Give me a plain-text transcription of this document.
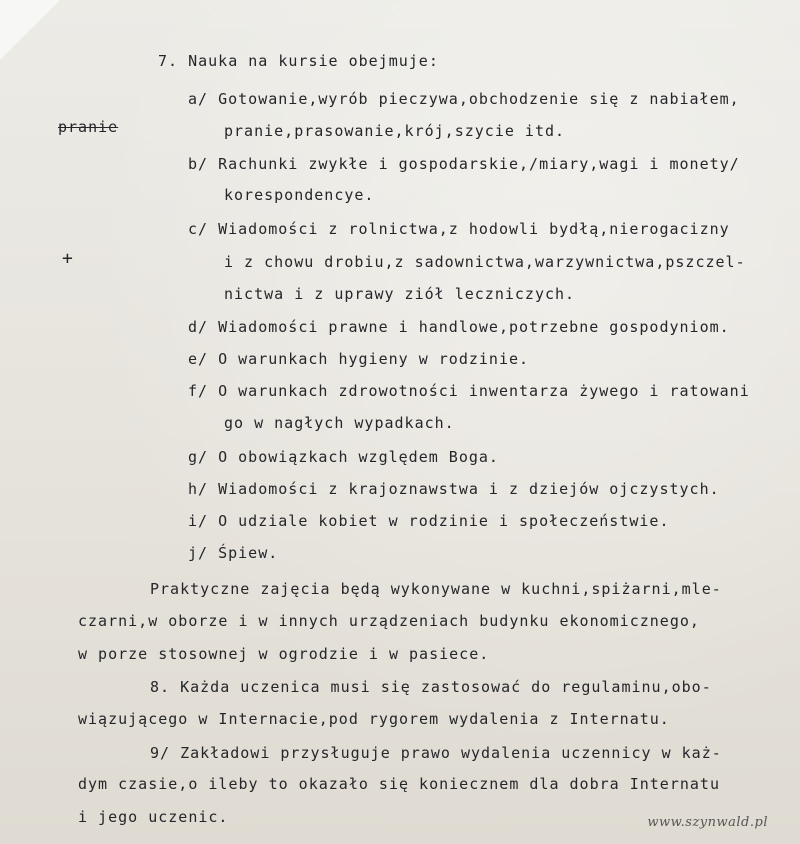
pranie
+
7. Nauka na kursie obejmuje:
a/ Gotowanie,wyrób pieczywa,obchodzenie się z nabiałem,
pranie,prasowanie,krój,szycie itd.
b/ Rachunki zwykłe i gospodarskie,/miary,wagi i monety/
korespondencye.
c/ Wiadomości z rolnictwa,z hodowli bydłą,nierogacizny
i z chowu drobiu,z sadownictwa,warzywnictwa,pszczel-
nictwa i z uprawy ziół leczniczych.
d/ Wiadomości prawne i handlowe,potrzebne gospodyniom.
e/ O warunkach hygieny w rodzinie.
f/ O warunkach zdrowotności inwentarza żywego i ratowani
go w nagłych wypadkach.
g/ O obowiązkach względem Boga.
h/ Wiadomości z krajoznawstwa i z dziejów ojczystych.
i/ O udziale kobiet w rodzinie i społeczeństwie.
j/ Śpiew.
Praktyczne zajęcia będą wykonywane w kuchni,spiżarni,mle-
czarni,w oborze i w innych urządzeniach budynku ekonomicznego,
w porze stosownej w ogrodzie i w pasiece.
8. Każda uczenica musi się zastosować do regulaminu,obo-
wiązującego w Internacie,pod rygorem wydalenia z Internatu.
9/ Zakładowi przysługuje prawo wydalenia uczennicy w każ-
dym czasie,o ileby to okazało się koniecznem dla dobra Internatu
i jego uczenic.	www.szynwald.pl
